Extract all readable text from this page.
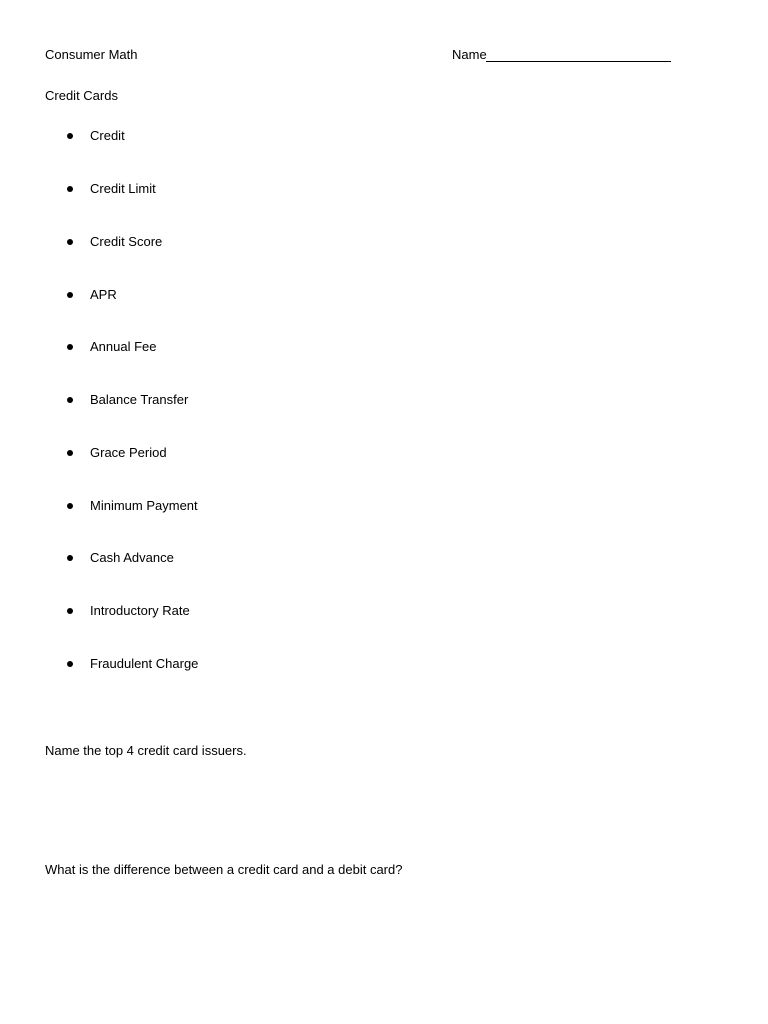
Consumer Math	Name
Credit Cards
Credit
Credit Limit
Credit Score
APR
Annual Fee
Balance Transfer
Grace Period
Minimum Payment
Cash Advance
Introductory Rate
Fraudulent Charge
Name the top 4 credit card issuers.
What is the difference between a credit card and a debit card?
